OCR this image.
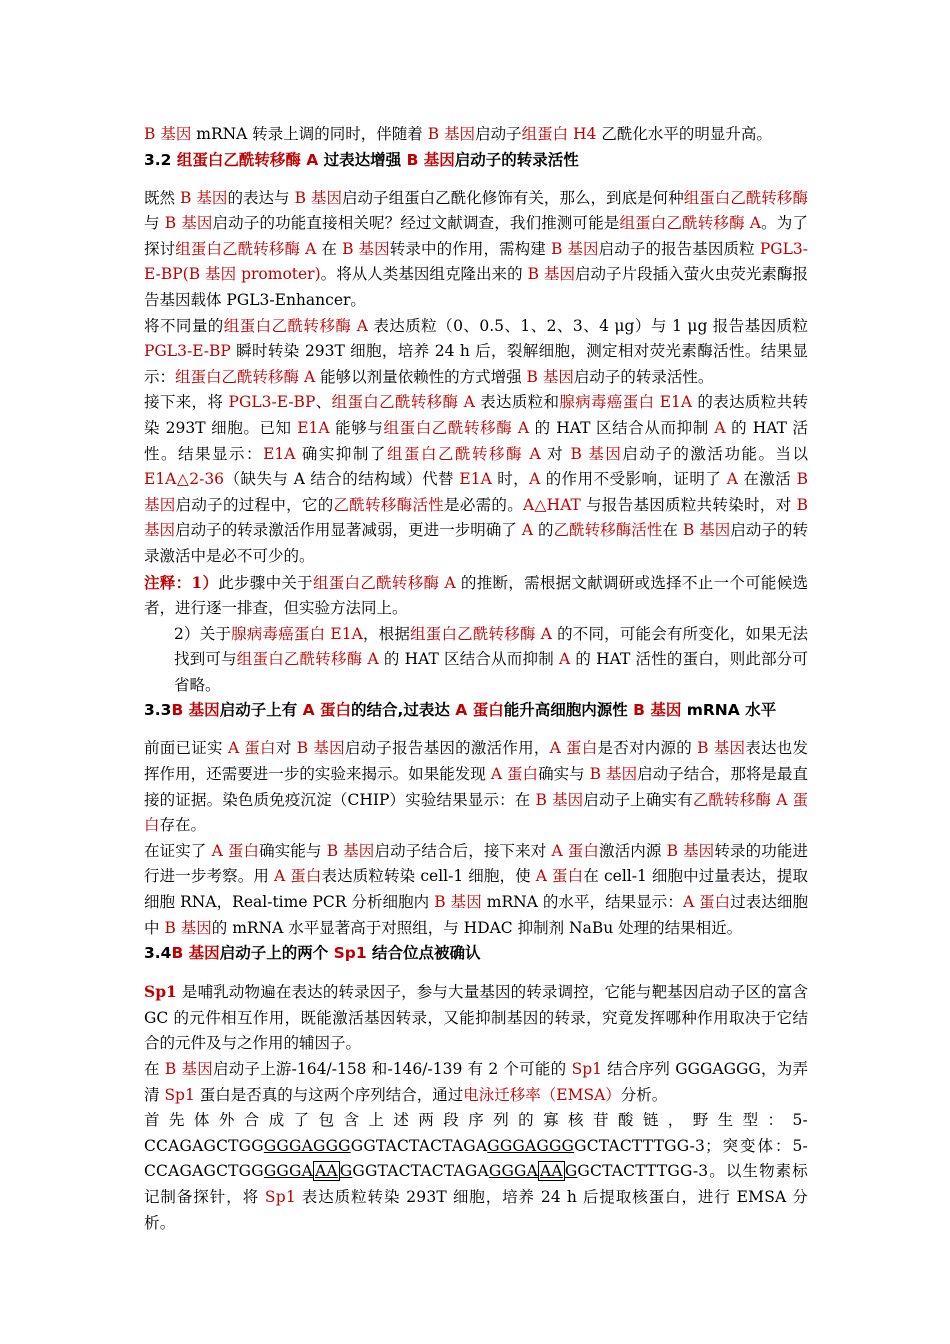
B 基因 mRNA 转录上调的同时，伴随着 B 基因启动子组蛋白 H4 乙酰化水平的明显升高。

3.2 组蛋白乙酰转移酶 A 过表达增强 B 基因启动子的转录活性

既然 B 基因的表达与 B 基因启动子组蛋白乙酰化修饰有关，那么，到底是何种组蛋白乙酰转移酶与 B 基因启动子的功能直接相关呢？经过文献调查，我们推测可能是组蛋白乙酰转移酶 A。为了探讨组蛋白乙酰转移酶 A 在 B 基因转录中的作用，需构建 B 基因启动子的报告基因质粒 PGL3-E-BP(B 基因 promoter)。将从人类基因组克隆出来的 B 基因启动子片段插入萤火虫荧光素酶报告基因载体 PGL3-Enhancer。

将不同量的组蛋白乙酰转移酶 A 表达质粒（0、0.5、1、2、3、4 μg）与 1 μg 报告基因质粒 PGL3-E-BP 瞬时转染 293T 细胞，培养 24 h 后，裂解细胞，测定相对荧光素酶活性。结果显示：组蛋白乙酰转移酶 A 能够以剂量依赖性的方式增强 B 基因启动子的转录活性。

接下来，将 PGL3-E-BP、组蛋白乙酰转移酶 A 表达质粒和腺病毒癌蛋白 E1A 的表达质粒共转染 293T 细胞。已知 E1A 能够与组蛋白乙酰转移酶 A 的 HAT 区结合从而抑制 A 的 HAT 活性。结果显示：E1A 确实抑制了组蛋白乙酰转移酶 A 对 B 基因启动子的激活功能。当以 E1A△2-36（缺失与 A 结合的结构域）代替 E1A 时，A 的作用不受影响，证明了 A 在激活 B 基因启动子的过程中，它的乙酰转移酶活性是必需的。A△HAT 与报告基因质粒共转染时，对 B 基因启动子的转录激活作用显著减弱，更进一步明确了 A 的乙酰转移酶活性在 B 基因启动子的转录激活中是必不可少的。

注释：1）此步骤中关于组蛋白乙酰转移酶 A 的推断，需根据文献调研或选择不止一个可能候选者，进行逐一排查，但实验方法同上。

2）关于腺病毒癌蛋白 E1A，根据组蛋白乙酰转移酶 A 的不同，可能会有所变化，如果无法找到可与组蛋白乙酰转移酶 A 的 HAT 区结合从而抑制 A 的 HAT 活性的蛋白，则此部分可省略。

3.3B 基因启动子上有 A 蛋白的结合,过表达 A 蛋白能升高细胞内源性 B 基因 mRNA 水平

前面已证实 A 蛋白对 B 基因启动子报告基因的激活作用，A 蛋白是否对内源的 B 基因表达也发挥作用，还需要进一步的实验来揭示。如果能发现 A 蛋白确实与 B 基因启动子结合，那将是最直接的证据。染色质免疫沉淀（CHIP）实验结果显示：在 B 基因启动子上确实有乙酰转移酶 A 蛋白存在。

在证实了 A 蛋白确实能与 B 基因启动子结合后，接下来对 A 蛋白激活内源 B 基因转录的功能进行进一步考察。用 A 蛋白表达质粒转染 cell-1 细胞，使 A 蛋白在 cell-1 细胞中过量表达，提取细胞 RNA，Real-time PCR 分析细胞内 B 基因 mRNA 的水平，结果显示：A 蛋白过表达细胞中 B 基因的 mRNA 水平显著高于对照组，与 HDAC 抑制剂 NaBu 处理的结果相近。

3.4B 基因启动子上的两个 Sp1 结合位点被确认

Sp1 是哺乳动物遍在表达的转录因子，参与大量基因的转录调控，它能与靶基因启动子区的富含 GC 的元件相互作用，既能激活基因转录，又能抑制基因的转录，究竟发挥哪种作用取决于它结合的元件及与之作用的辅因子。

在 B 基因启动子上游-164/-158 和-146/-139 有 2 个可能的 Sp1 结合序列 GGGAGGG，为弄清 Sp1 蛋白是否真的与这两个序列结合，通过电泳迁移率（EMSA）分析。

首先体外合成了包含上述两段序列的寡核苷酸链，野生型：5-CCAGAGCTGGGGGAGGGGGTACTACTAGAGGGAGGGGCTACTTTGG-3；突变体：5-CCAGAGCTGGGGGA AA GGGTACTACTAGAGGGA AA GGCTACTTTGG-3。以生物素标记制备探针，将 Sp1 表达质粒转染 293T 细胞，培养 24 h 后提取核蛋白，进行 EMSA 分析。
